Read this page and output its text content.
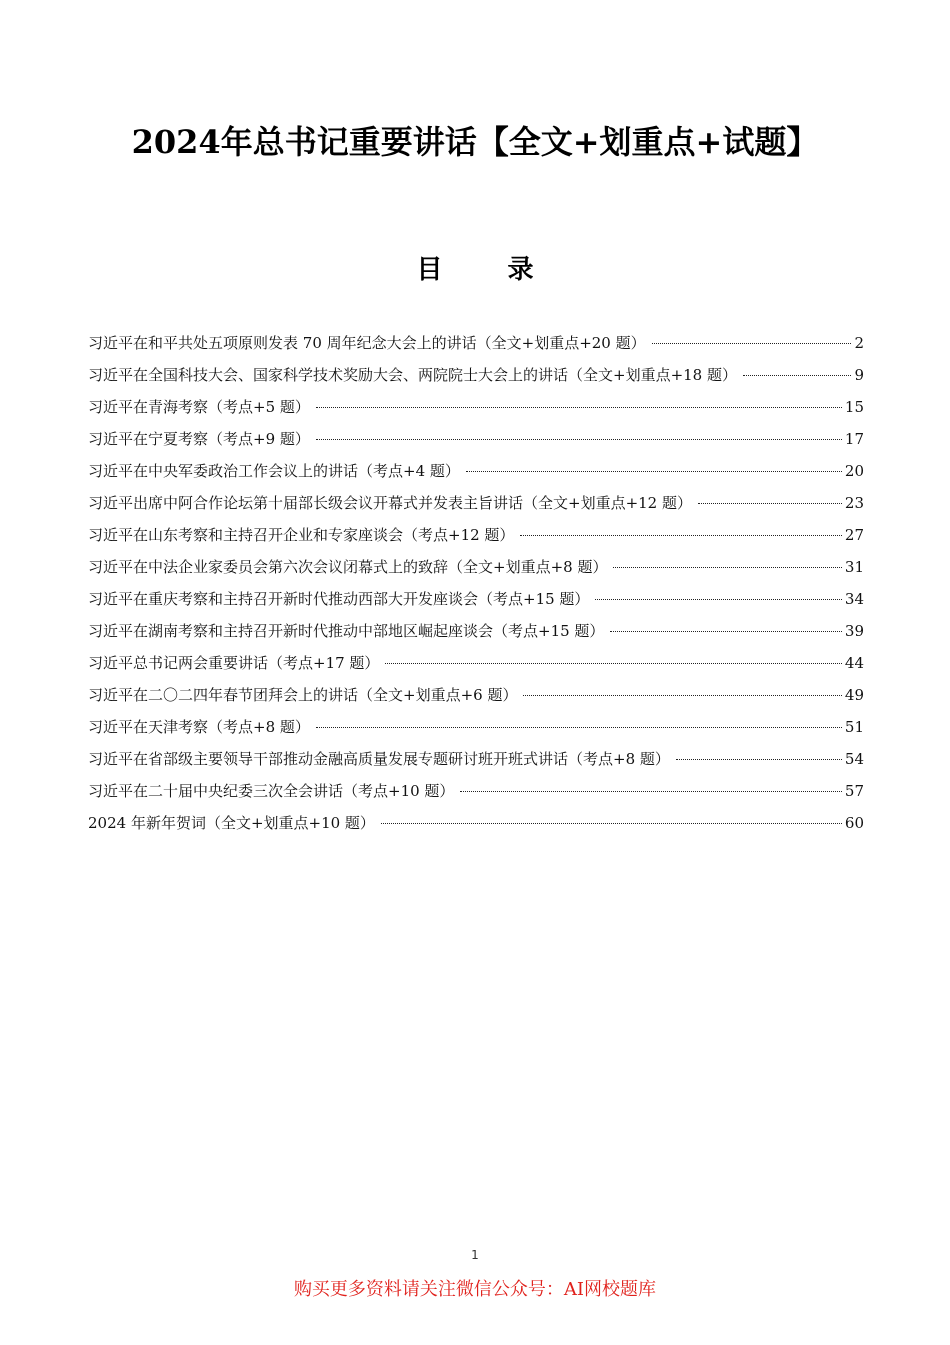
2024年总书记重要讲话【全文+划重点+试题】
目 录
习近平在和平共处五项原则发表 70 周年纪念大会上的讲话（全文+划重点+20 题）	2
习近平在全国科技大会、国家科学技术奖励大会、两院院士大会上的讲话（全文+划重点+18 题）	9
习近平在青海考察（考点+5 题）	15
习近平在宁夏考察（考点+9 题）	17
习近平在中央军委政治工作会议上的讲话（考点+4 题）	20
习近平出席中阿合作论坛第十届部长级会议开幕式并发表主旨讲话（全文+划重点+12 题）	23
习近平在山东考察和主持召开企业和专家座谈会（考点+12 题）	27
习近平在中法企业家委员会第六次会议闭幕式上的致辞（全文+划重点+8 题）	31
习近平在重庆考察和主持召开新时代推动西部大开发座谈会（考点+15 题）	34
习近平在湖南考察和主持召开新时代推动中部地区崛起座谈会（考点+15 题）	39
习近平总书记两会重要讲话（考点+17 题）	44
习近平在二〇二四年春节团拜会上的讲话（全文+划重点+6 题）	49
习近平在天津考察（考点+8 题）	51
习近平在省部级主要领导干部推动金融高质量发展专题研讨班开班式讲话（考点+8 题）	54
习近平在二十届中央纪委三次全会讲话（考点+10 题）	57
2024 年新年贺词（全文+划重点+10 题）	60
1
购买更多资料请关注微信公众号：AI网校题库
